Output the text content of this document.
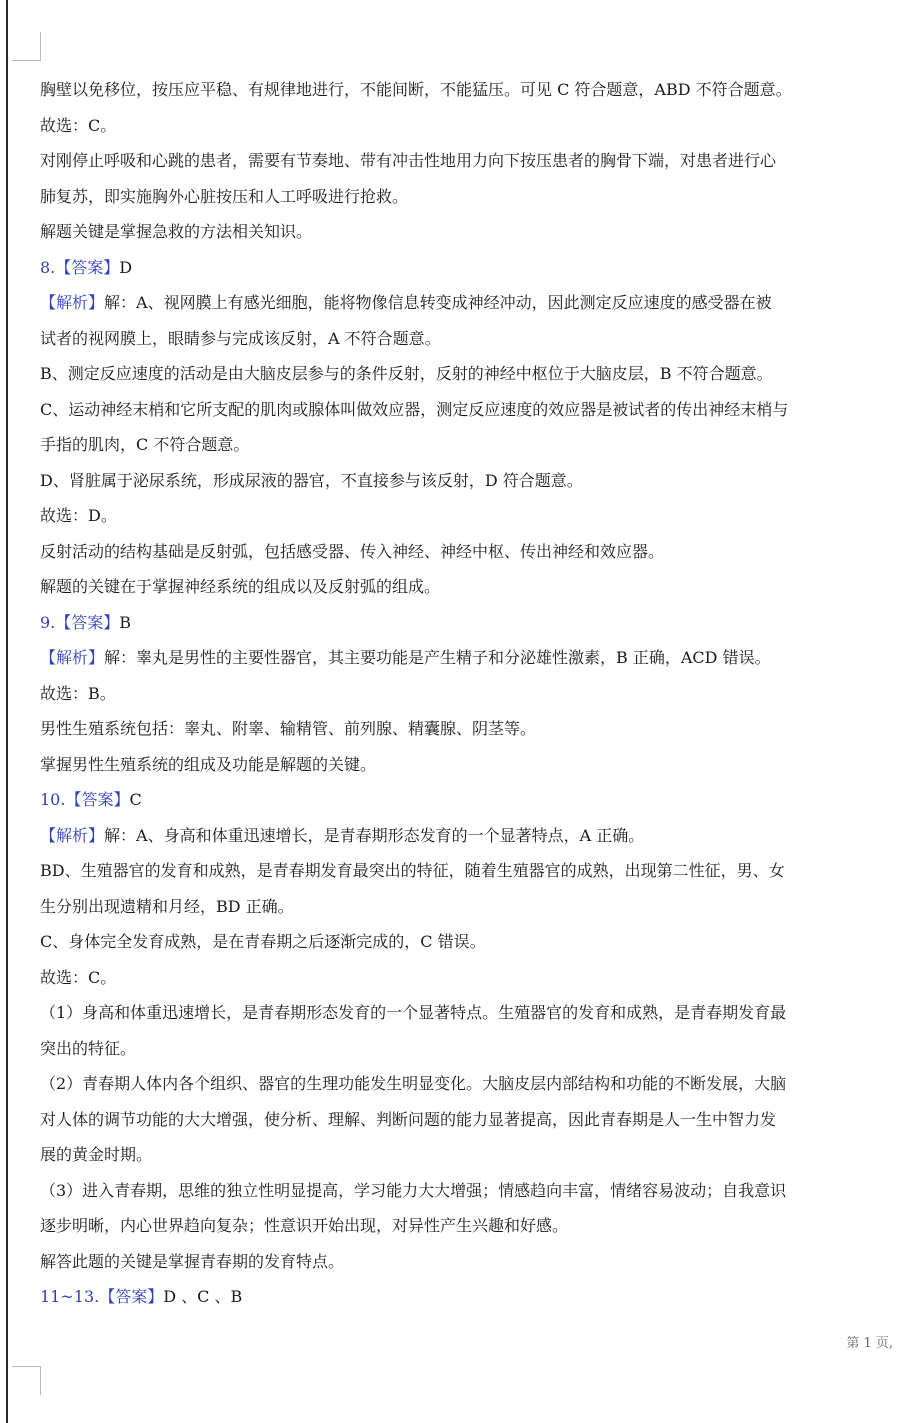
胸壁以免移位，按压应平稳、有规律地进行，不能间断，不能猛压。可见 C 符合题意，ABD 不符合题意。

故选：C。

对刚停止呼吸和心跳的患者，需要有节奏地、带有冲击性地用力向下按压患者的胸骨下端，对患者进行心

肺复苏，即实施胸外心脏按压和人工呼吸进行抢救。

解题关键是掌握急救的方法相关知识。

8.【答案】D

【解析】解：A、视网膜上有感光细胞，能将物像信息转变成神经冲动，因此测定反应速度的感受器在被

试者的视网膜上，眼睛参与完成该反射，A 不符合题意。

B、测定反应速度的活动是由大脑皮层参与的条件反射，反射的神经中枢位于大脑皮层，B 不符合题意。

C、运动神经末梢和它所支配的肌肉或腺体叫做效应器，测定反应速度的效应器是被试者的传出神经末梢与

手指的肌肉，C 不符合题意。

D、肾脏属于泌尿系统，形成尿液的器官，不直接参与该反射，D 符合题意。

故选：D。

反射活动的结构基础是反射弧，包括感受器、传入神经、神经中枢、传出神经和效应器。

解题的关键在于掌握神经系统的组成以及反射弧的组成。

9.【答案】B

【解析】解：睾丸是男性的主要性器官，其主要功能是产生精子和分泌雄性激素，B 正确，ACD 错误。

故选：B。

男性生殖系统包括：睾丸、附睾、输精管、前列腺、精囊腺、阴茎等。

掌握男性生殖系统的组成及功能是解题的关键。

10.【答案】C

【解析】解：A、身高和体重迅速增长，是青春期形态发育的一个显著特点，A 正确。

BD、生殖器官的发育和成熟，是青春期发育最突出的特征，随着生殖器官的成熟，出现第二性征，男、女

生分别出现遗精和月经，BD 正确。

C、身体完全发育成熟，是在青春期之后逐渐完成的，C 错误。

故选：C。

（1）身高和体重迅速增长，是青春期形态发育的一个显著特点。生殖器官的发育和成熟，是青春期发育最

突出的特征。

（2）青春期人体内各个组织、器官的生理功能发生明显变化。大脑皮层内部结构和功能的不断发展，大脑

对人体的调节功能的大大增强，使分析、理解、判断问题的能力显著提高，因此青春期是人一生中智力发

展的黄金时期。

（3）进入青春期，思维的独立性明显提高，学习能力大大增强；情感趋向丰富，情绪容易波动；自我意识

逐步明晰，内心世界趋向复杂；性意识开始出现，对异性产生兴趣和好感。

解答此题的关键是掌握青春期的发育特点。

11~13.【答案】D 、C 、B

第 1 页,
